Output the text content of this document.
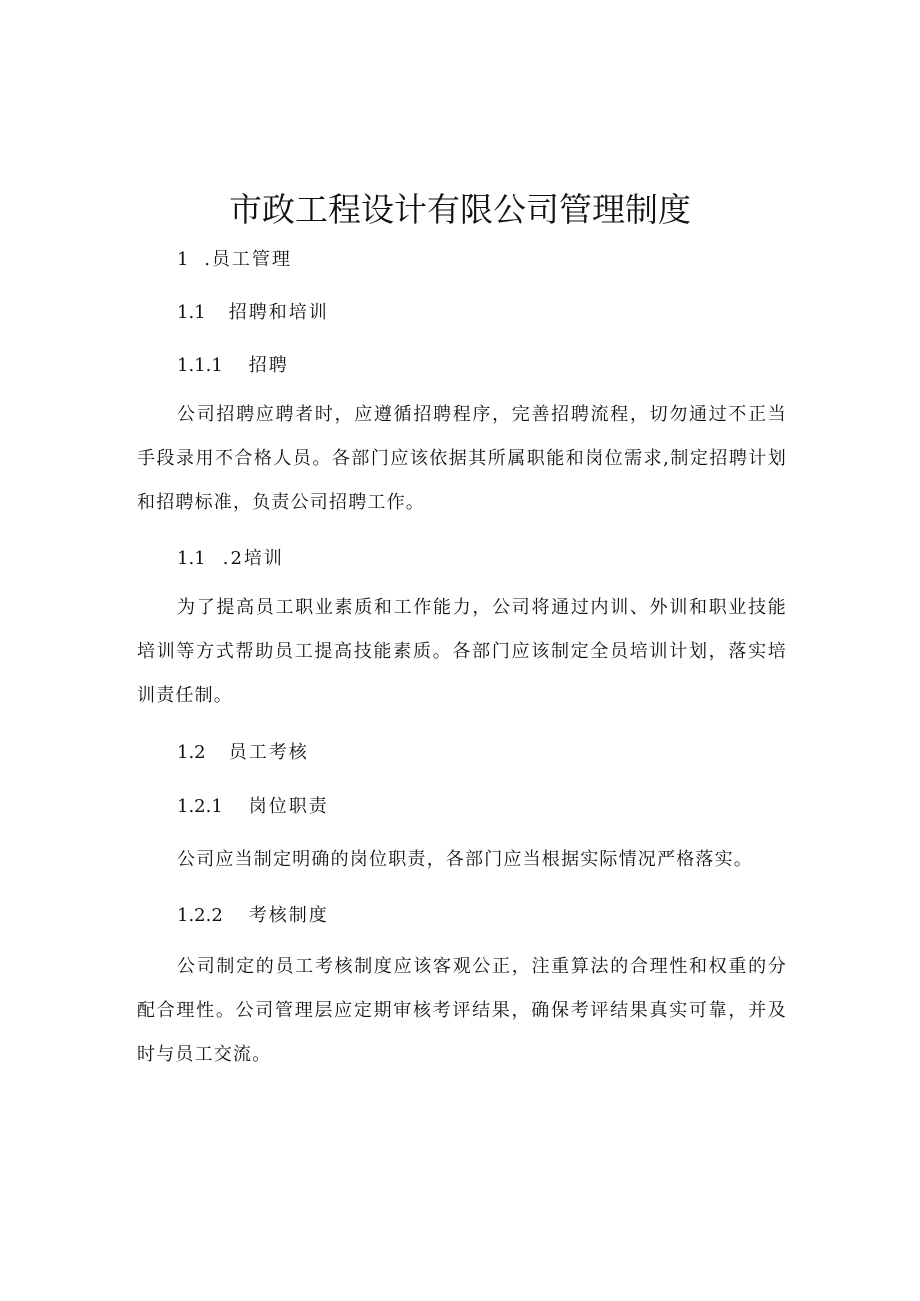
市政工程设计有限公司管理制度
1 .员工管理
1.1 招聘和培训
1.1.1 招聘
公司招聘应聘者时，应遵循招聘程序，完善招聘流程，切勿通过不正当手段录用不合格人员。各部门应该依据其所属职能和岗位需求,制定招聘计划和招聘标准，负责公司招聘工作。
1.1 .2培训
为了提高员工职业素质和工作能力，公司将通过内训、外训和职业技能培训等方式帮助员工提高技能素质。各部门应该制定全员培训计划，落实培训责任制。
1.2 员工考核
1.2.1 岗位职责
公司应当制定明确的岗位职责，各部门应当根据实际情况严格落实。
1.2.2 考核制度
公司制定的员工考核制度应该客观公正，注重算法的合理性和权重的分配合理性。公司管理层应定期审核考评结果，确保考评结果真实可靠，并及时与员工交流。
